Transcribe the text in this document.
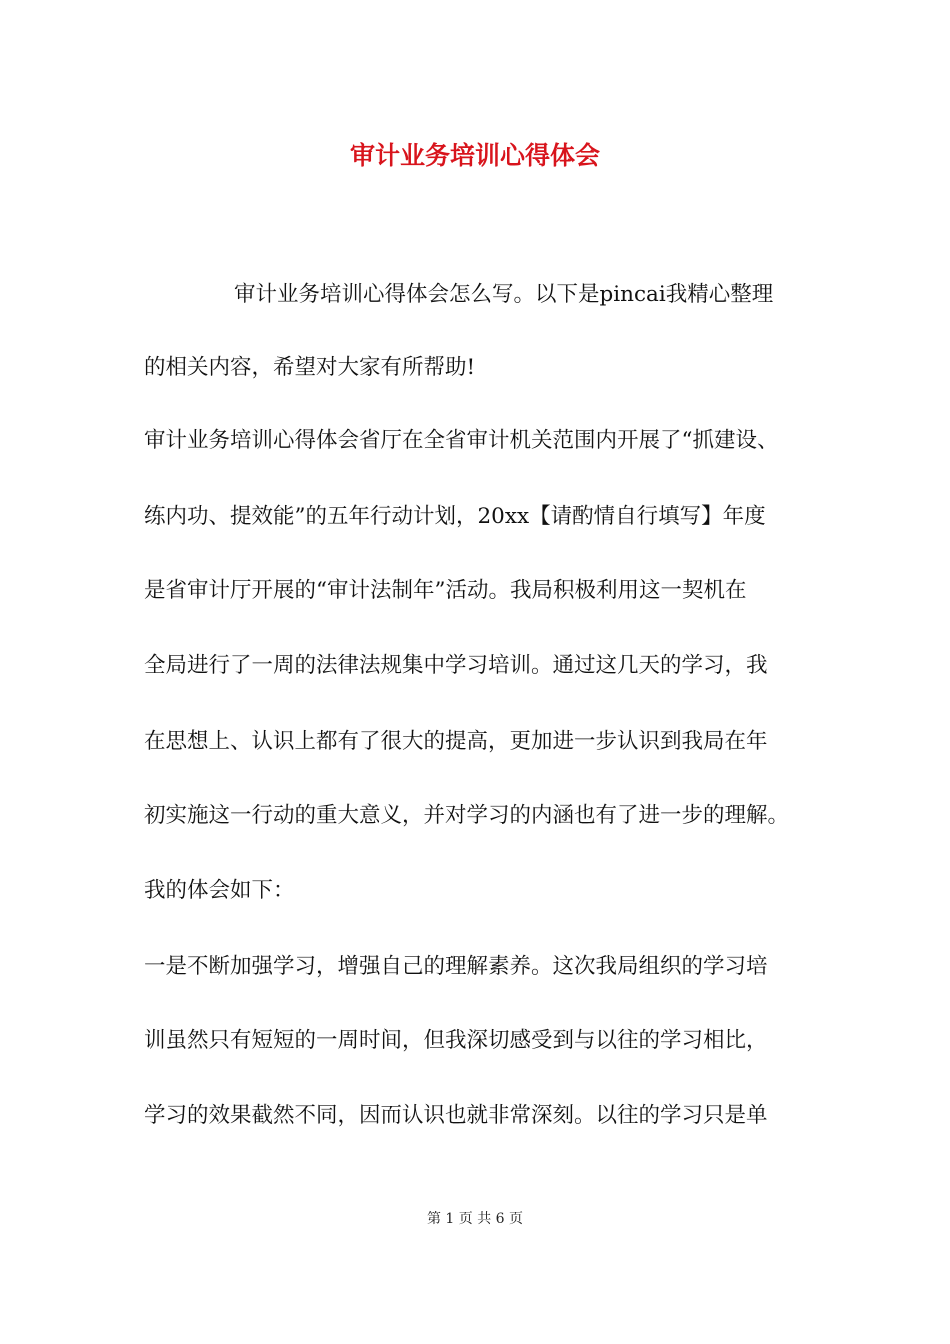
审计业务培训心得体会
审计业务培训心得体会怎么写。以下是pincai我精心整理
的相关内容，希望对大家有所帮助!
审计业务培训心得体会省厅在全省审计机关范围内开展了“抓建设、
练内功、提效能”的五年行动计划，20xx【请酌情自行填写】年度
是省审计厅开展的“审计法制年”活动。我局积极利用这一契机在
全局进行了一周的法律法规集中学习培训。通过这几天的学习，我
在思想上、认识上都有了很大的提高，更加进一步认识到我局在年
初实施这一行动的重大意义，并对学习的内涵也有了进一步的理解。
我的体会如下：
一是不断加强学习，增强自己的理解素养。这次我局组织的学习培
训虽然只有短短的一周时间，但我深切感受到与以往的学习相比，
学习的效果截然不同，因而认识也就非常深刻。以往的学习只是单
第 1 页 共 6 页
